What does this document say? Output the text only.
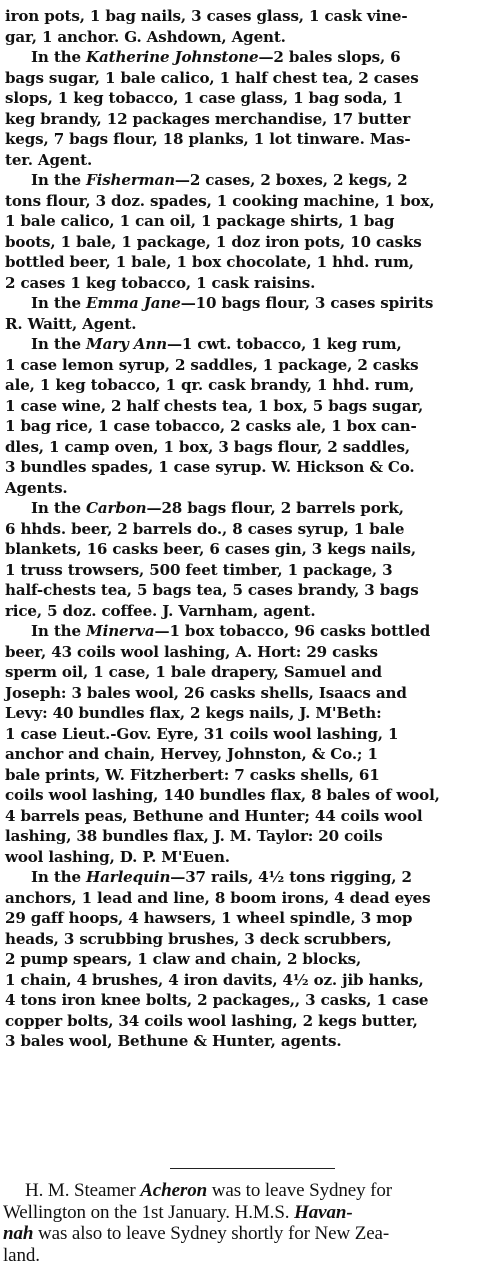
iron pots, 1 bag nails, 3 cases glass, 1 cask vine-
gar, 1 anchor. G. Ashdown, Agent.
In the Katherine Johnstone—2 bales slops, 6
bags sugar, 1 bale calico, 1 half chest tea, 2 cases
slops, 1 keg tobacco, 1 case glass, 1 bag soda, 1
keg brandy, 12 packages merchandise, 17 butter
kegs, 7 bags flour, 18 planks, 1 lot tinware. Mas-
ter. Agent.
In the Fisherman—2 cases, 2 boxes, 2 kegs, 2
tons flour, 3 doz. spades, 1 cooking machine, 1 box,
1 bale calico, 1 can oil, 1 package shirts, 1 bag
boots, 1 bale, 1 package, 1 doz iron pots, 10 casks
bottled beer, 1 bale, 1 box chocolate, 1 hhd. rum,
2 cases 1 keg tobacco, 1 cask raisins.
In the Emma Jane—10 bags flour, 3 cases spirits
R. Waitt, Agent.
In the Mary Ann—1 cwt. tobacco, 1 keg rum,
1 case lemon syrup, 2 saddles, 1 package, 2 casks
ale, 1 keg tobacco, 1 qr. cask brandy, 1 hhd. rum,
1 case wine, 2 half chests tea, 1 box, 5 bags sugar,
1 bag rice, 1 case tobacco, 2 casks ale, 1 box can-
dles, 1 camp oven, 1 box, 3 bags flour, 2 saddles,
3 bundles spades, 1 case syrup. W. Hickson & Co.
Agents.
In the Carbon—28 bags flour, 2 barrels pork,
6 hhds. beer, 2 barrels do., 8 cases syrup, 1 bale
blankets, 16 casks beer, 6 cases gin, 3 kegs nails,
1 truss trowsers, 500 feet timber, 1 package, 3
half-chests tea, 5 bags tea, 5 cases brandy, 3 bags
rice, 5 doz. coffee. J. Varnham, agent.
In the Minerva—1 box tobacco, 96 casks bottled
beer, 43 coils wool lashing, A. Hort: 29 casks
sperm oil, 1 case, 1 bale drapery, Samuel and
Joseph: 3 bales wool, 26 casks shells, Isaacs and
Levy: 40 bundles flax, 2 kegs nails, J. M'Beth:
1 case Lieut.-Gov. Eyre, 31 coils wool lashing, 1
anchor and chain, Hervey, Johnston, & Co.; 1
bale prints, W. Fitzherbert: 7 casks shells, 61
coils wool lashing, 140 bundles flax, 8 bales of wool,
4 barrels peas, Bethune and Hunter; 44 coils wool
lashing, 38 bundles flax, J. M. Taylor: 20 coils
wool lashing, D. P. M'Euen.
In the Harlequin—37 rails, 4½ tons rigging, 2
anchors, 1 lead and line, 8 boom irons, 4 dead eyes
29 gaff hoops, 4 hawsers, 1 wheel spindle, 3 mop
heads, 3 scrubbing brushes, 3 deck scrubbers,
2 pump spears, 1 claw and chain, 2 blocks,
1 chain, 4 brushes, 4 iron davits, 4½ oz. jib hanks,
4 tons iron knee bolts, 2 packages,, 3 casks, 1 case
copper bolts, 34 coils wool lashing, 2 kegs butter,
3 bales wool, Bethune & Hunter, agents.
H. M. Steamer Acheron was to leave Sydney for
Wellington on the 1st January. H.M.S. Havan-
nah was also to leave Sydney shortly for New Zea-
land.
